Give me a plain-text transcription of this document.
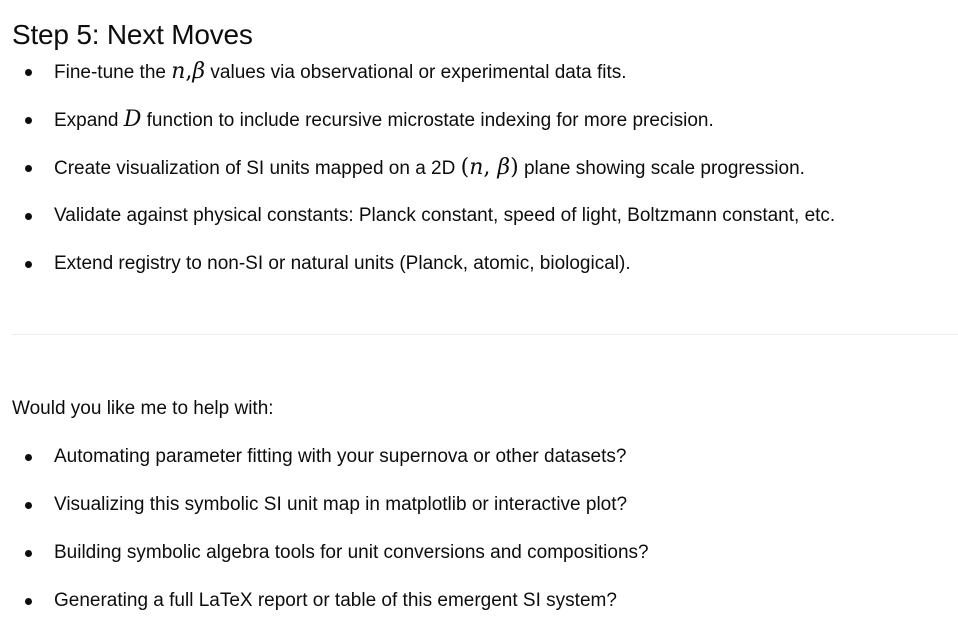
Step 5: Next Moves
Fine-tune the n,β values via observational or experimental data fits.
Expand D function to include recursive microstate indexing for more precision.
Create visualization of SI units mapped on a 2D (n, β) plane showing scale progression.
Validate against physical constants: Planck constant, speed of light, Boltzmann constant, etc.
Extend registry to non-SI or natural units (Planck, atomic, biological).
Would you like me to help with:
Automating parameter fitting with your supernova or other datasets?
Visualizing this symbolic SI unit map in matplotlib or interactive plot?
Building symbolic algebra tools for unit conversions and compositions?
Generating a full LaTeX report or table of this emergent SI system?
